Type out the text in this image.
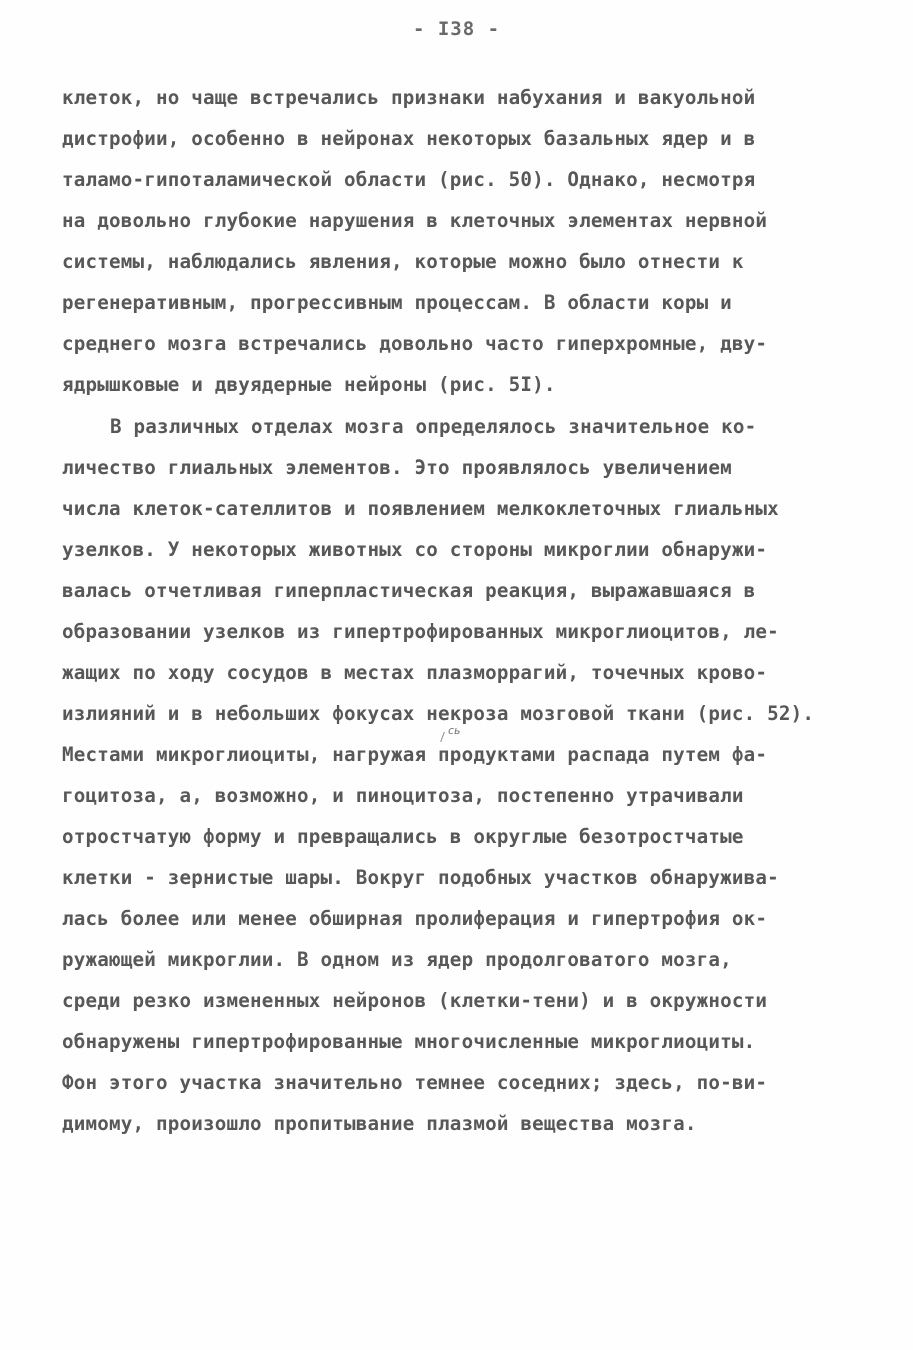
- I38 -
клеток, но чаще встречались признаки набухания и вакуольной
дистрофии, особенно в нейронах некоторых базальных ядер и в
таламо-гипоталамической области (рис. 50). Однако, несмотря
на довольно глубокие нарушения в клеточных элементах нервной
системы, наблюдались явления, которые можно было отнести к
регенеративным, прогрессивным процессам. В области коры и
среднего мозга встречались довольно часто гиперхромные, дву-
ядрышковые и двуядерные нейроны (рис. 5I).
В различных отделах мозга определялось значительное ко-
личество глиальных элементов. Это проявлялось увеличением
числа клеток-сателлитов и появлением мелкоклеточных глиальных
узелков. У некоторых животных со стороны микроглии обнаружи-
валась отчетливая гиперпластическая реакция, выражавшаяся в
образовании узелков из гипертрофированных микроглиоцитов, ле-
жащих по ходу сосудов в местах плазморрагий, точечных крово-
излияний и в небольших фокусах некроза мозговой ткани (рис. 52).
Местами микроглиоциты, нагружая продуктами распада путем фа-
гоцитоза, а, возможно, и пиноцитоза, постепенно утрачивали
отростчатую форму и превращались в округлые безотростчатые
клетки - зернистые шары. Вокруг подобных участков обнаружива-
лась более или менее обширная пролиферация и гипертрофия ок-
ружающей микроглии. В одном из ядер продолговатого мозга,
среди резко измененных нейронов (клетки-тени) и в окружности
обнаружены гипертрофированные многочисленные микроглиоциты.
Фон этого участка значительно темнее соседних; здесь, по-ви-
димому, произошло пропитывание плазмой вещества мозга.
сь
